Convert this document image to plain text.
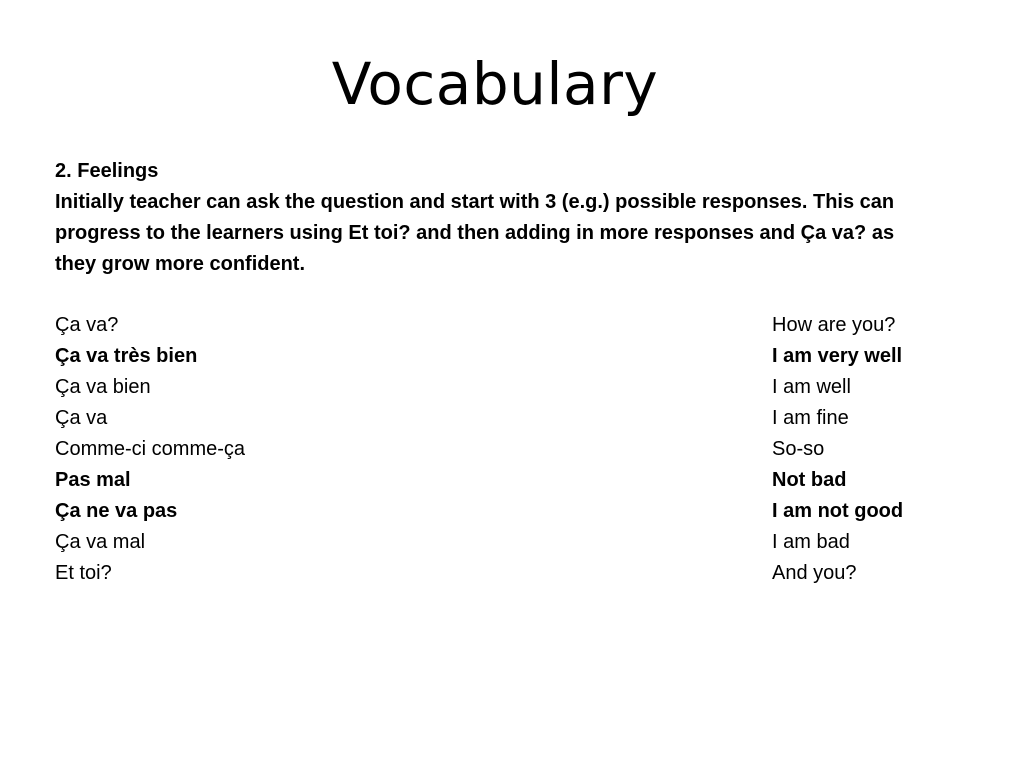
Vocabulary
2. Feelings
Initially teacher can ask the question and start with 3 (e.g.) possible responses. This can
progress to the learners using Et toi? and then adding in more responses and Ça va? as
they grow more confident.
Ça va?	How are you?
Ça va très bien	I am very well
Ça va bien	I am well
Ça va	I am fine
Comme-ci comme-ça	So-so
Pas mal	Not bad
Ça ne va pas	I am not good
Ça va mal	I am bad
Et toi?	And you?
